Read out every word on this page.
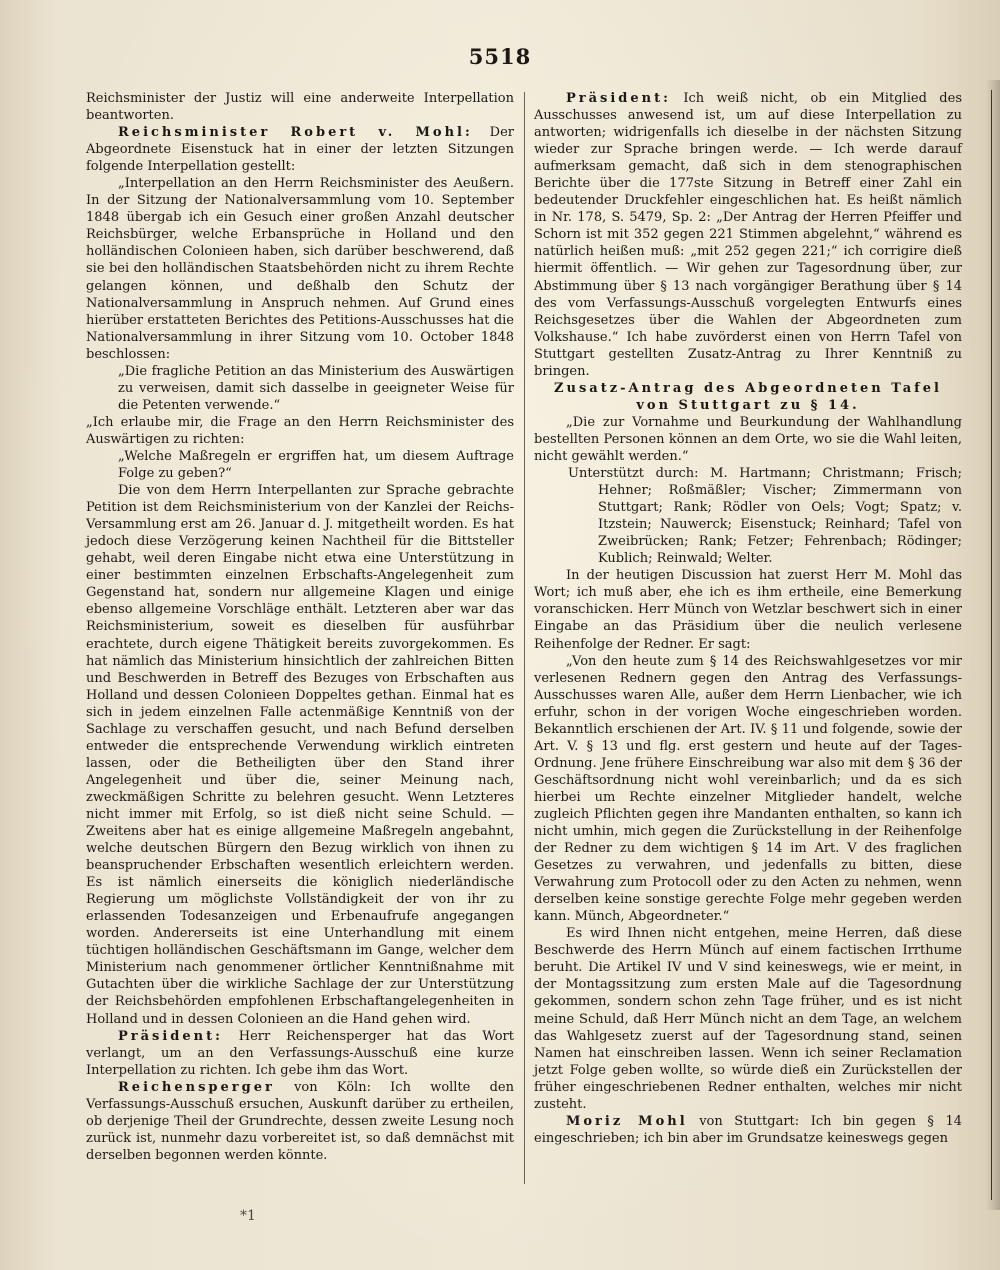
5518

Reichsminister der Justiz will eine anderweite Interpellation beantworten.

Reichsminister Robert v. Mohl: Der Abgeordnete Eisenstuck hat in einer der letzten Sitzungen folgende Interpellation gestellt:

„Interpellation an den Herrn Reichsminister des Aeußern. In der Sitzung der Nationalversammlung vom 10. September 1848 übergab ich ein Gesuch einer großen Anzahl deutscher Reichsbürger, welche Erbansprüche in Holland und den holländischen Colonieen haben, sich darüber beschwerend, daß sie bei den holländischen Staatsbehörden nicht zu ihrem Rechte gelangen können, und deßhalb den Schutz der Nationalversammlung in Anspruch nehmen. Auf Grund eines hierüber erstatteten Berichtes des Petitions-Ausschusses hat die Nationalversammlung in ihrer Sitzung vom 10. October 1848 beschlossen:

„Die fragliche Petition an das Ministerium des Auswärtigen zu verweisen, damit sich dasselbe in geeigneter Weise für die Petenten verwende.“

„Ich erlaube mir, die Frage an den Herrn Reichsminister des Auswärtigen zu richten:

„Welche Maßregeln er ergriffen hat, um diesem Auftrage Folge zu geben?“

Die von dem Herrn Interpellanten zur Sprache gebrachte Petition ist dem Reichsministerium von der Kanzlei der Reichs-Versammlung erst am 26. Januar d. J. mitgetheilt worden. Es hat jedoch diese Verzögerung keinen Nachtheil für die Bittsteller gehabt, weil deren Eingabe nicht etwa eine Unterstützung in einer bestimmten einzelnen Erbschafts-Angelegenheit zum Gegenstand hat, sondern nur allgemeine Klagen und einige ebenso allgemeine Vorschläge enthält. Letzteren aber war das Reichsministerium, soweit es dieselben für ausführbar erachtete, durch eigene Thätigkeit bereits zuvorgekommen. Es hat nämlich das Ministerium hinsichtlich der zahlreichen Bitten und Beschwerden in Betreff des Bezuges von Erbschaften aus Holland und dessen Colonieen Doppeltes gethan. Einmal hat es sich in jedem einzelnen Falle actenmäßige Kenntniß von der Sachlage zu verschaffen gesucht, und nach Befund derselben entweder die entsprechende Verwendung wirklich eintreten lassen, oder die Betheiligten über den Stand ihrer Angelegenheit und über die, seiner Meinung nach, zweckmäßigen Schritte zu belehren gesucht. Wenn Letzteres nicht immer mit Erfolg, so ist dieß nicht seine Schuld. — Zweitens aber hat es einige allgemeine Maßregeln angebahnt, welche deutschen Bürgern den Bezug wirklich von ihnen zu beanspruchender Erbschaften wesentlich erleichtern werden. Es ist nämlich einerseits die königlich niederländische Regierung um möglichste Vollständigkeit der von ihr zu erlassenden Todesanzeigen und Erbenaufrufe angegangen worden. Andererseits ist eine Unterhandlung mit einem tüchtigen holländischen Geschäftsmann im Gange, welcher dem Ministerium nach genommener örtlicher Kenntnißnahme mit Gutachten über die wirkliche Sachlage der zur Unterstützung der Reichsbehörden empfohlenen Erbschaftangelegenheiten in Holland und in dessen Colonieen an die Hand gehen wird.

Präsident: Herr Reichensperger hat das Wort verlangt, um an den Verfassungs-Ausschuß eine kurze Interpellation zu richten. Ich gebe ihm das Wort.

Reichensperger von Köln: Ich wollte den Verfassungs-Ausschuß ersuchen, Auskunft darüber zu ertheilen, ob derjenige Theil der Grundrechte, dessen zweite Lesung noch zurück ist, nunmehr dazu vorbereitet ist, so daß demnächst mit derselben begonnen werden könnte.

Präsident: Ich weiß nicht, ob ein Mitglied des Ausschusses anwesend ist, um auf diese Interpellation zu antworten; widrigenfalls ich dieselbe in der nächsten Sitzung wieder zur Sprache bringen werde. — Ich werde darauf aufmerksam gemacht, daß sich in dem stenographischen Berichte über die 177ste Sitzung in Betreff einer Zahl ein bedeutender Druckfehler eingeschlichen hat. Es heißt nämlich in Nr. 178, S. 5479, Sp. 2: „Der Antrag der Herren Pfeiffer und Schorn ist mit 352 gegen 221 Stimmen abgelehnt,“ während es natürlich heißen muß: „mit 252 gegen 221;“ ich corrigire dieß hiermit öffentlich. — Wir gehen zur Tagesordnung über, zur Abstimmung über § 13 nach vorgängiger Berathung über § 14 des vom Verfassungs-Ausschuß vorgelegten Entwurfs eines Reichsgesetzes über die Wahlen der Abgeordneten zum Volkshause.“ Ich habe zuvörderst einen von Herrn Tafel von Stuttgart gestellten Zusatz-Antrag zu Ihrer Kenntniß zu bringen.

Zusatz-Antrag des Abgeordneten Tafel von Stuttgart zu § 14.

„Die zur Vornahme und Beurkundung der Wahlhandlung bestellten Personen können an dem Orte, wo sie die Wahl leiten, nicht gewählt werden.“

Unterstützt durch: M. Hartmann; Christmann; Frisch; Hehner; Roßmäßler; Vischer; Zimmermann von Stuttgart; Rank; Rödler von Oels; Vogt; Spatz; v. Itzstein; Nauwerck; Eisenstuck; Reinhard; Tafel von Zweibrücken; Rank; Fetzer; Fehrenbach; Rödinger; Kublich; Reinwald; Welter.

In der heutigen Discussion hat zuerst Herr M. Mohl das Wort; ich muß aber, ehe ich es ihm ertheile, eine Bemerkung voranschicken. Herr Münch von Wetzlar beschwert sich in einer Eingabe an das Präsidium über die neulich verlesene Reihenfolge der Redner. Er sagt:

„Von den heute zum § 14 des Reichswahlgesetzes vor mir verlesenen Rednern gegen den Antrag des Verfassungs-Ausschusses waren Alle, außer dem Herrn Lienbacher, wie ich erfuhr, schon in der vorigen Woche eingeschrieben worden. Bekanntlich erschienen der Art. IV. § 11 und folgende, sowie der Art. V. § 13 und flg. erst gestern und heute auf der Tages-Ordnung. Jene frühere Einschreibung war also mit dem § 36 der Geschäftsordnung nicht wohl vereinbarlich; und da es sich hierbei um Rechte einzelner Mitglieder handelt, welche zugleich Pflichten gegen ihre Mandanten enthalten, so kann ich nicht umhin, mich gegen die Zurückstellung in der Reihenfolge der Redner zu dem wichtigen § 14 im Art. V des fraglichen Gesetzes zu verwahren, und jedenfalls zu bitten, diese Verwahrung zum Protocoll oder zu den Acten zu nehmen, wenn derselben keine sonstige gerechte Folge mehr gegeben werden kann. Münch, Abgeordneter.“

Es wird Ihnen nicht entgehen, meine Herren, daß diese Beschwerde des Herrn Münch auf einem factischen Irrthume beruht. Die Artikel IV und V sind keineswegs, wie er meint, in der Montagssitzung zum ersten Male auf die Tagesordnung gekommen, sondern schon zehn Tage früher, und es ist nicht meine Schuld, daß Herr Münch nicht an dem Tage, an welchem das Wahlgesetz zuerst auf der Tagesordnung stand, seinen Namen hat einschreiben lassen. Wenn ich seiner Reclamation jetzt Folge geben wollte, so würde dieß ein Zurückstellen der früher eingeschriebenen Redner enthalten, welches mir nicht zusteht.

Moriz Mohl von Stuttgart: Ich bin gegen § 14 eingeschrieben; ich bin aber im Grundsatze keineswegs gegen

*1
